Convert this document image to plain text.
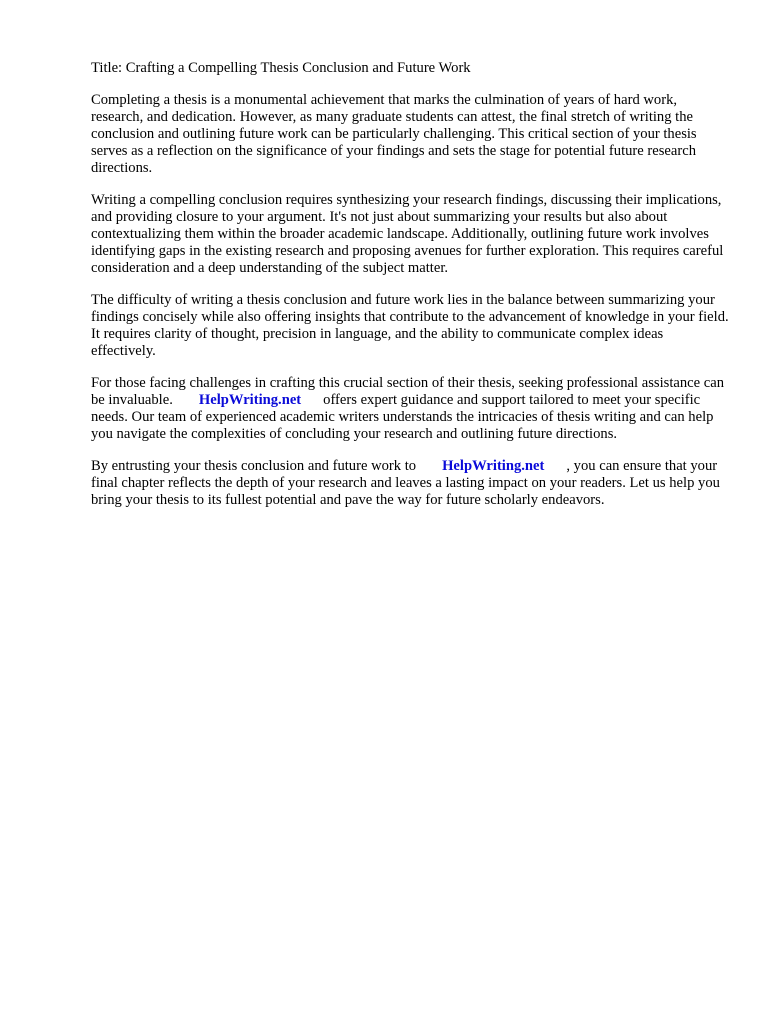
Title: Crafting a Compelling Thesis Conclusion and Future Work

Completing a thesis is a monumental achievement that marks the culmination of years of hard work, research, and dedication. However, as many graduate students can attest, the final stretch of writing the conclusion and outlining future work can be particularly challenging. This critical section of your thesis serves as a reflection on the significance of your findings and sets the stage for potential future research directions.

Writing a compelling conclusion requires synthesizing your research findings, discussing their implications, and providing closure to your argument. It's not just about summarizing your results but also about contextualizing them within the broader academic landscape. Additionally, outlining future work involves identifying gaps in the existing research and proposing avenues for further exploration. This requires careful consideration and a deep understanding of the subject matter.

The difficulty of writing a thesis conclusion and future work lies in the balance between summarizing your findings concisely while also offering insights that contribute to the advancement of knowledge in your field. It requires clarity of thought, precision in language, and the ability to communicate complex ideas effectively.

For those facing challenges in crafting this crucial section of their thesis, seeking professional assistance can be invaluable. HelpWriting.net offers expert guidance and support tailored to meet your specific needs. Our team of experienced academic writers understands the intricacies of thesis writing and can help you navigate the complexities of concluding your research and outlining future directions.

By entrusting your thesis conclusion and future work to HelpWriting.net , you can ensure that your final chapter reflects the depth of your research and leaves a lasting impact on your readers. Let us help you bring your thesis to its fullest potential and pave the way for future scholarly endeavors.
